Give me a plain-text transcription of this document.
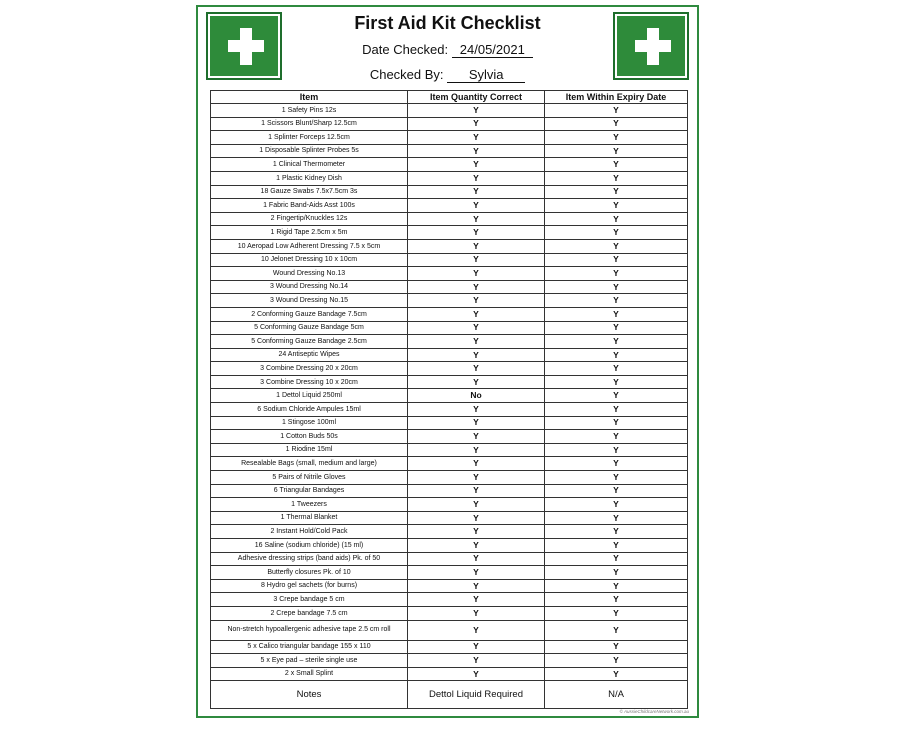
First Aid Kit Checklist
Date Checked: 24/05/2021
Checked By: Sylvia
Item	Item Quantity Correct	Item Within Expiry Date
1 Safety Pins 12s	Y	Y
1 Scissors Blunt/Sharp 12.5cm	Y	Y
1 Splinter Forceps 12.5cm	Y	Y
1 Disposable Splinter Probes 5s	Y	Y
1 Clinical Thermometer	Y	Y
1 Plastic Kidney Dish	Y	Y
18 Gauze Swabs 7.5x7.5cm 3s	Y	Y
1 Fabric Band-Aids Asst 100s	Y	Y
2 Fingertip/Knuckles 12s	Y	Y
1 Rigid Tape 2.5cm x 5m	Y	Y
10 Aeropad Low Adherent Dressing 7.5 x 5cm	Y	Y
10 Jelonet Dressing 10 x 10cm	Y	Y
Wound Dressing No.13	Y	Y
3 Wound Dressing No.14	Y	Y
3 Wound Dressing No.15	Y	Y
2 Conforming Gauze Bandage 7.5cm	Y	Y
5 Conforming Gauze Bandage 5cm	Y	Y
5 Conforming Gauze Bandage 2.5cm	Y	Y
24 Antiseptic Wipes	Y	Y
3 Combine Dressing 20 x 20cm	Y	Y
3 Combine Dressing 10 x 20cm	Y	Y
1 Dettol Liquid 250ml	No	Y
6 Sodium Chloride Ampules 15ml	Y	Y
1 Stingose 100ml	Y	Y
1 Cotton Buds 50s	Y	Y
1 Riodine 15ml	Y	Y
Resealable Bags (small, medium and large)	Y	Y
5 Pairs of Nitrile Gloves	Y	Y
6 Triangular Bandages	Y	Y
1 Tweezers	Y	Y
1 Thermal Blanket	Y	Y
2 Instant Hold/Cold Pack	Y	Y
16 Saline (sodium chloride) (15 ml)	Y	Y
Adhesive dressing strips (band aids) Pk. of 50	Y	Y
Butterfly closures Pk. of 10	Y	Y
8 Hydro gel sachets (for burns)	Y	Y
3 Crepe bandage 5 cm	Y	Y
2 Crepe bandage 7.5 cm	Y	Y
Non-stretch hypoallergenic adhesive tape 2.5 cm roll	Y	Y
5 x Calico triangular bandage 155 x 110	Y	Y
5 x Eye pad – sterile single use	Y	Y
2 x Small Splint	Y	Y
Notes	Dettol Liquid Required	N/A
© AussieChildcareNetwork.com.au
